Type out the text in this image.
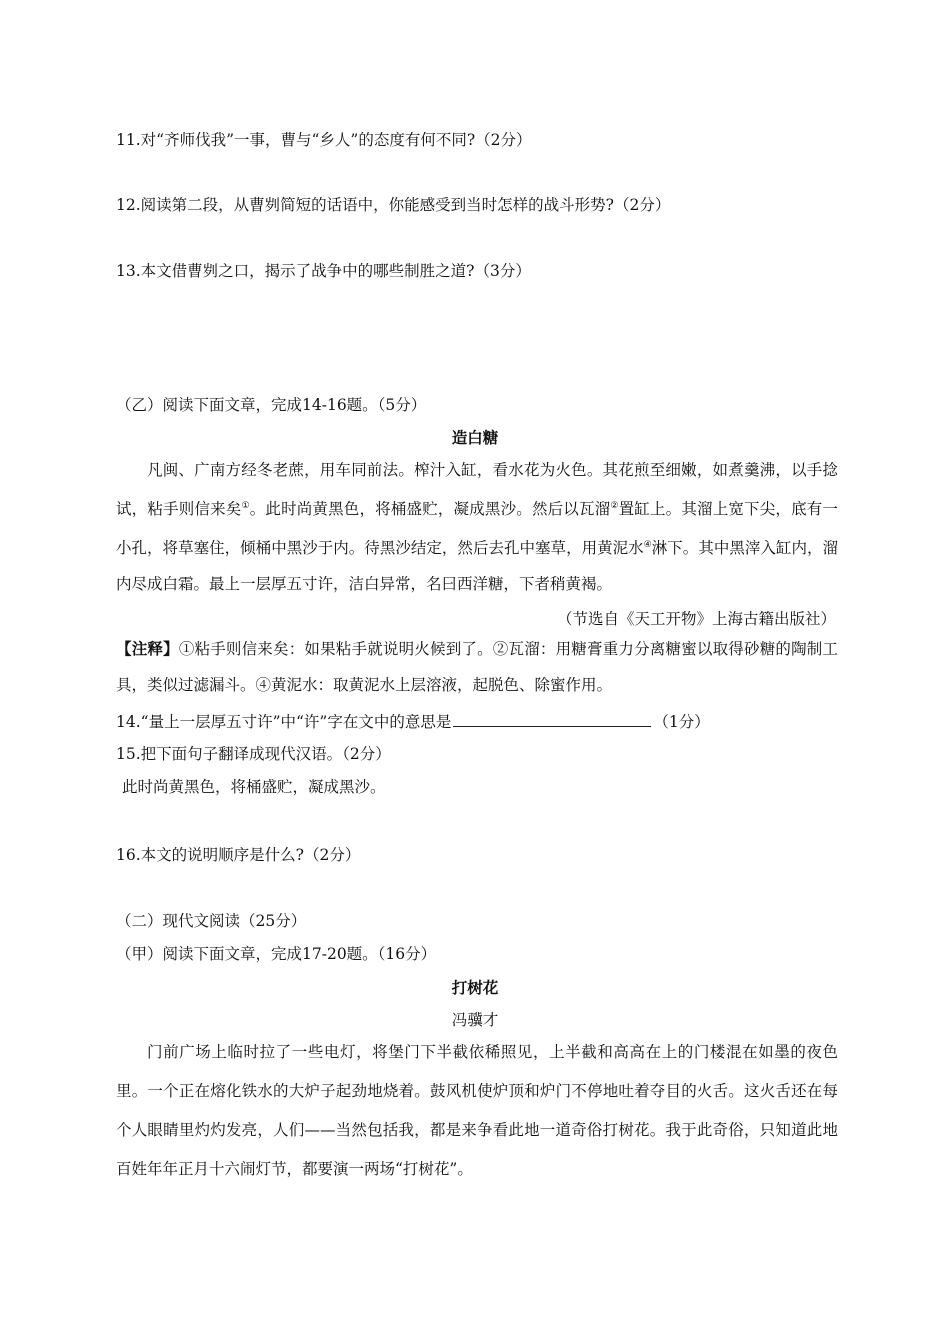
11.对“齐师伐我”一事，曹与“乡人”的态度有何不同?（2分）
12.阅读第二段，从曹刿简短的话语中，你能感受到当时怎样的战斗形势?（2分）
13.本文借曹刿之口，揭示了战争中的哪些制胜之道?（3分）
（乙）阅读下面文章，完成14-16题。（5分）
造白糖
凡闽、广南方经冬老蔗，用车同前法。榨汁入缸，看水花为火色。其花煎至细嫩，如煮羹沸，以手捻试，粘手则信来矣①。此时尚黄黑色，将桶盛贮，凝成黑沙。然后以瓦溜②置缸上。其溜上宽下尖，底有一小孔，将草塞住，倾桶中黑沙于内。待黑沙结定，然后去孔中塞草，用黄泥水④淋下。其中黑滓入缸内，溜内尽成白霜。最上一层厚五寸许，洁白异常，名曰西洋糖，下者稍黄褐。
（节选自《天工开物》上海古籍出版社）
【注释】①粘手则信来矣：如果粘手就说明火候到了。②瓦溜：用糖膏重力分离糖蜜以取得砂糖的陶制工具，类似过滤漏斗。④黄泥水：取黄泥水上层溶液，起脱色、除蜜作用。
14.“量上一层厚五寸许”中“许”字在文中的意思是	（1分）
15.把下面句子翻译成现代汉语。（2分）
此时尚黄黑色，将桶盛贮，凝成黑沙。
16.本文的说明顺序是什么?（2分）
（二）现代文阅读（25分）
（甲）阅读下面文章，完成17-20题。（16分）
打树花
冯骥才
门前广场上临时拉了一些电灯，将堡门下半截依稀照见，上半截和高高在上的门楼混在如墨的夜色里。一个正在熔化铁水的大炉子起劲地烧着。鼓风机使炉顶和炉门不停地吐着夺目的火舌。这火舌还在每个人眼睛里灼灼发亮，人们——当然包括我，都是来争看此地一道奇俗打树花。我于此奇俗，只知道此地百姓年年正月十六闹灯节，都要演一两场“打树花”。
